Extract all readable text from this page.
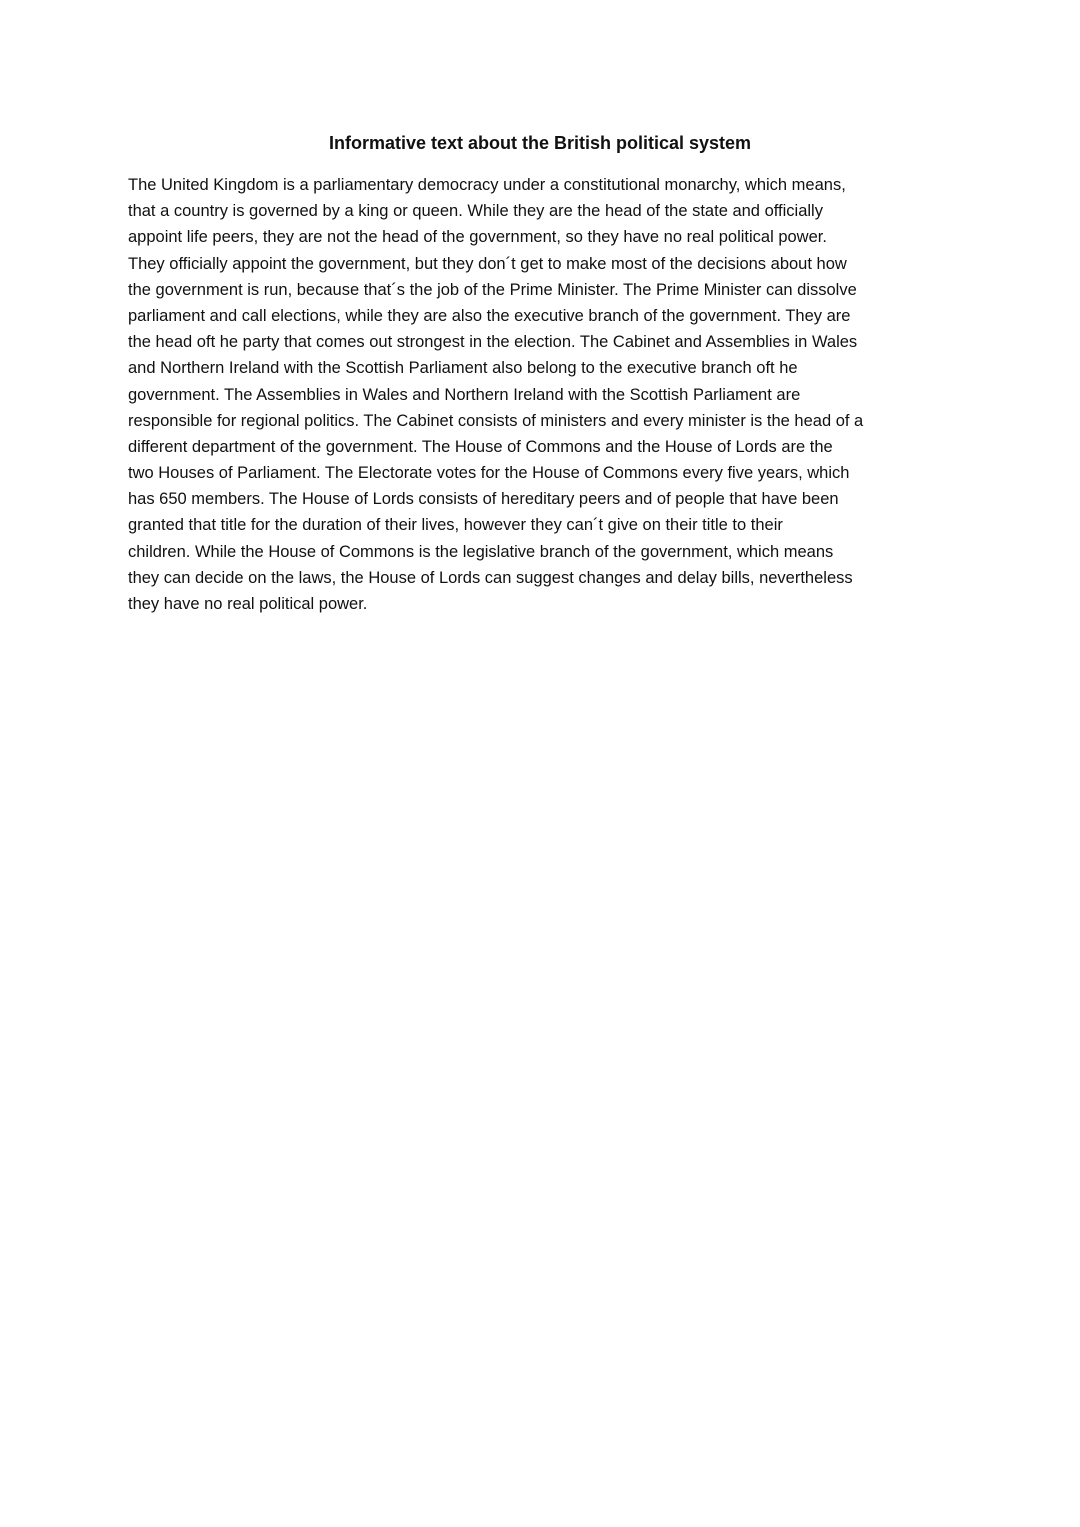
Informative text about the British political system
The United Kingdom is a parliamentary democracy under a constitutional monarchy, which means,
that a country is governed by a king or queen. While they are the head of the state and officially
appoint life peers, they are not the head of the government, so they have no real political power.
They officially appoint the government, but they don´t get to make most of the decisions about how
the government is run, because that´s the job of the Prime Minister. The Prime Minister can dissolve
parliament and call elections, while they are also the executive branch of the government. They are
the head oft he party that comes out strongest in the election. The Cabinet and Assemblies in Wales
and Northern Ireland with the Scottish Parliament also belong to the executive branch oft he
government. The Assemblies in Wales and Northern Ireland with the Scottish Parliament are
responsible for regional politics. The Cabinet consists of ministers and every minister is the head of a
different department of the government. The House of Commons and the House of Lords are the
two Houses of Parliament. The Electorate votes for the House of Commons every five years, which
has 650 members. The House of Lords consists of hereditary peers and of people that have been
granted that title for the duration of their lives, however they can´t give on their title to their
children. While the House of Commons is the legislative branch of the government, which means
they can decide on the laws, the House of Lords can suggest changes and delay bills, nevertheless
they have no real political power.
